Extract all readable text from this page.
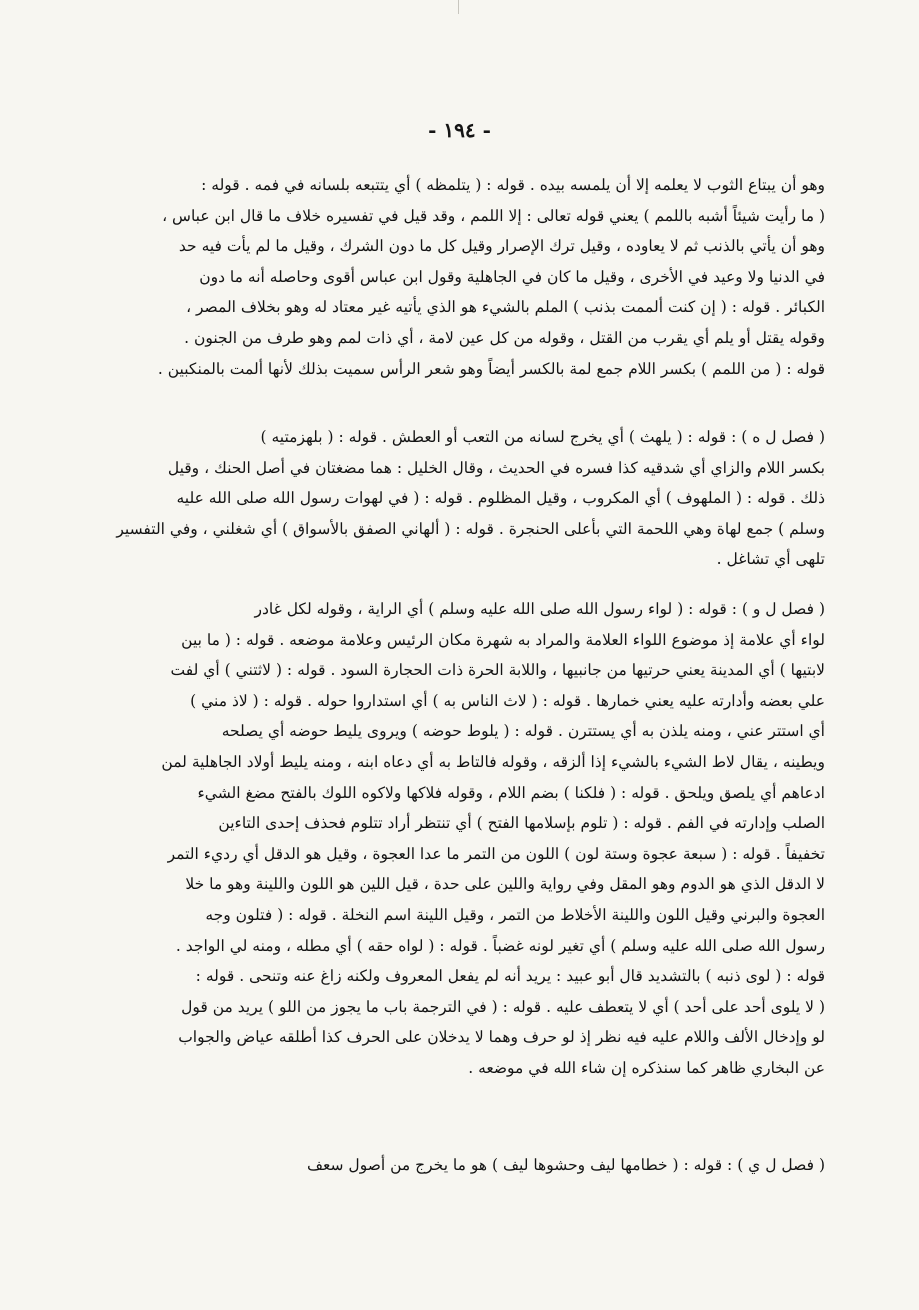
- ١٩٤ -
وهو أن يبتاع الثوب لا يعلمه إلا أن يلمسه بيده . قوله : ( يتلمظه ) أي يتتبعه بلسانه في فمه . قوله :
( ما رأيت شيئاً أشبه باللمم ) يعني قوله تعالى : إلا اللمم ، وقد قيل في تفسيره خلاف ما قال ابن عباس ،
وهو أن يأتي بالذنب ثم لا يعاوده ، وقيل ترك الإصرار وقيل كل ما دون الشرك ، وقيل ما لم يأت فيه حد
في الدنيا ولا وعيد في الأخرى ، وقيل ما كان في الجاهلية وقول ابن عباس أقوى وحاصله أنه ما دون
الكبائر . قوله : ( إن كنت ألممت بذنب ) الملم بالشيء هو الذي يأتيه غير معتاد له وهو بخلاف المصر ،
وقوله يقتل أو يلم أي يقرب من القتل ، وقوله من كل عين لامة ، أي ذات لمم وهو طرف من الجنون .
قوله : ( من اللمم ) بكسر اللام جمع لمة بالكسر أيضاً وهو شعر الرأس سميت بذلك لأنها ألمت بالمنكبين .
( فصل ل ه ) : قوله : ( يلهث ) أي يخرج لسانه من التعب أو العطش . قوله : ( بلهزمتيه )
بكسر اللام والزاي أي شدقيه كذا فسره في الحديث ، وقال الخليل : هما مضغتان في أصل الحنك ، وقيل
ذلك . قوله : ( الملهوف ) أي المكروب ، وقيل المظلوم . قوله : ( في لهوات رسول الله صلى الله عليه
وسلم ) جمع لهاة وهي اللحمة التي بأعلى الحنجرة . قوله : ( ألهاني الصفق بالأسواق ) أي شغلني ، وفي التفسير
تلهى أي تشاغل .
( فصل ل و ) : قوله : ( لواء رسول الله صلى الله عليه وسلم ) أي الراية ، وقوله لكل غادر
لواء أي علامة إذ موضوع اللواء العلامة والمراد به شهرة مكان الرئيس وعلامة موضعه . قوله : ( ما بين
لابتيها ) أي المدينة يعني حرتيها من جانبيها ، واللابة الحرة ذات الحجارة السود . قوله : ( لاثتني ) أي لفت
علي بعضه وأدارته عليه يعني خمارها . قوله : ( لاث الناس به ) أي استداروا حوله . قوله : ( لاذ مني )
أي استتر عني ، ومنه يلذن به أي يستترن . قوله : ( يلوط حوضه ) ويروى يليط حوضه أي يصلحه
ويطينه ، يقال لاط الشيء بالشيء إذا ألزقه ، وقوله فالتاط به أي دعاه ابنه ، ومنه يليط أولاد الجاهلية لمن
ادعاهم أي يلصق ويلحق . قوله : ( فلكنا ) بضم اللام ، وقوله فلاكها ولاكوه اللوك بالفتح مضغ الشيء
الصلب وإدارته في الفم . قوله : ( تلوم بإسلامها الفتح ) أي تنتظر أراد تتلوم فحذف إحدى التاءين
تخفيفاً . قوله : ( سبعة عجوة وستة لون ) اللون من التمر ما عدا العجوة ، وقيل هو الدقل أي رديء التمر
لا الدقل الذي هو الدوم وهو المقل وفي رواية واللين على حدة ، قيل اللين هو اللون واللينة وهو ما خلا
العجوة والبرني وقيل اللون واللينة الأخلاط من التمر ، وقيل اللينة اسم النخلة . قوله : ( فتلون وجه
رسول الله صلى الله عليه وسلم ) أي تغير لونه غضباً . قوله : ( لواه حقه ) أي مطله ، ومنه لي الواجد .
قوله : ( لوى ذنبه ) بالتشديد قال أبو عبيد : يريد أنه لم يفعل المعروف ولكنه زاغ عنه وتنحى . قوله :
( لا يلوى أحد على أحد ) أي لا يتعطف عليه . قوله : ( في الترجمة باب ما يجوز من اللو ) يريد من قول
لو وإدخال الألف واللام عليه فيه نظر إذ لو حرف وهما لا يدخلان على الحرف كذا أطلقه عياض والجواب
عن البخاري ظاهر كما سنذكره إن شاء الله في موضعه .
( فصل ل ي ) : قوله : ( خطامها ليف وحشوها ليف ) هو ما يخرج من أصول سعف
